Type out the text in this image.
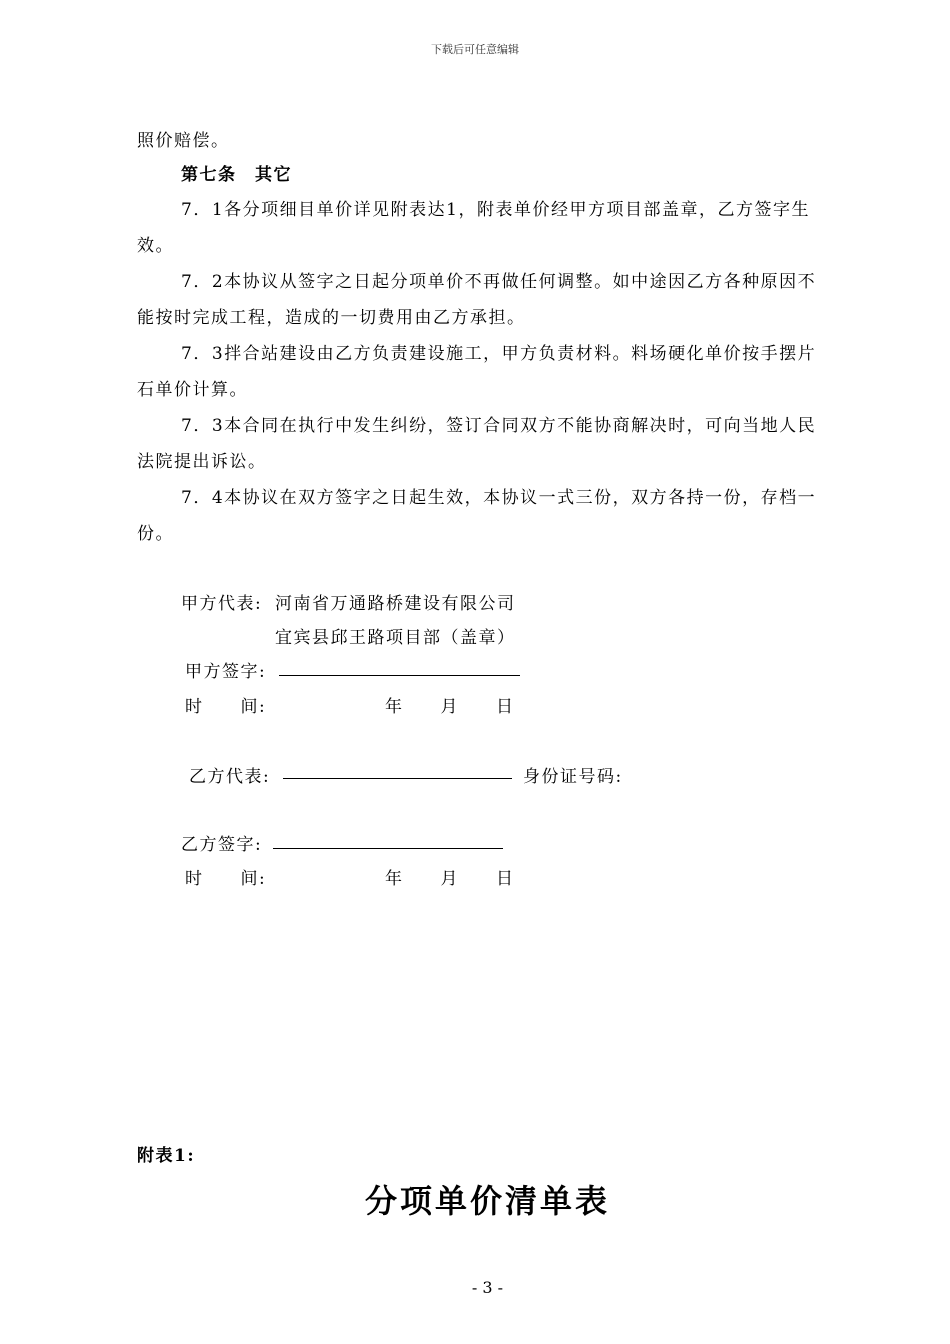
下载后可任意编辑
照价赔偿。
第七条　其它
7．1各分项细目单价详见附表达1，附表单价经甲方项目部盖章，乙方签字生
效。
7．2本协议从签字之日起分项单价不再做任何调整。如中途因乙方各种原因不
能按时完成工程，造成的一切费用由乙方承担。
7．3拌合站建设由乙方负责建设施工，甲方负责材料。料场硬化单价按手摆片
石单价计算。
7．3本合同在执行中发生纠纷，签订合同双方不能协商解决时，可向当地人民
法院提出诉讼。
7．4本协议在双方签字之日起生效，本协议一式三份，双方各持一份，存档一
份。
甲方代表: 河南省万通路桥建设有限公司
宜宾县邱王路项目部（盖章）
甲方签字:
时　　间:	年　　月　　日
乙方代表:	身份证号码:
乙方签字:
时　　间:	年　　月　　日
附表1:
分项单价清单表
- 3 -
